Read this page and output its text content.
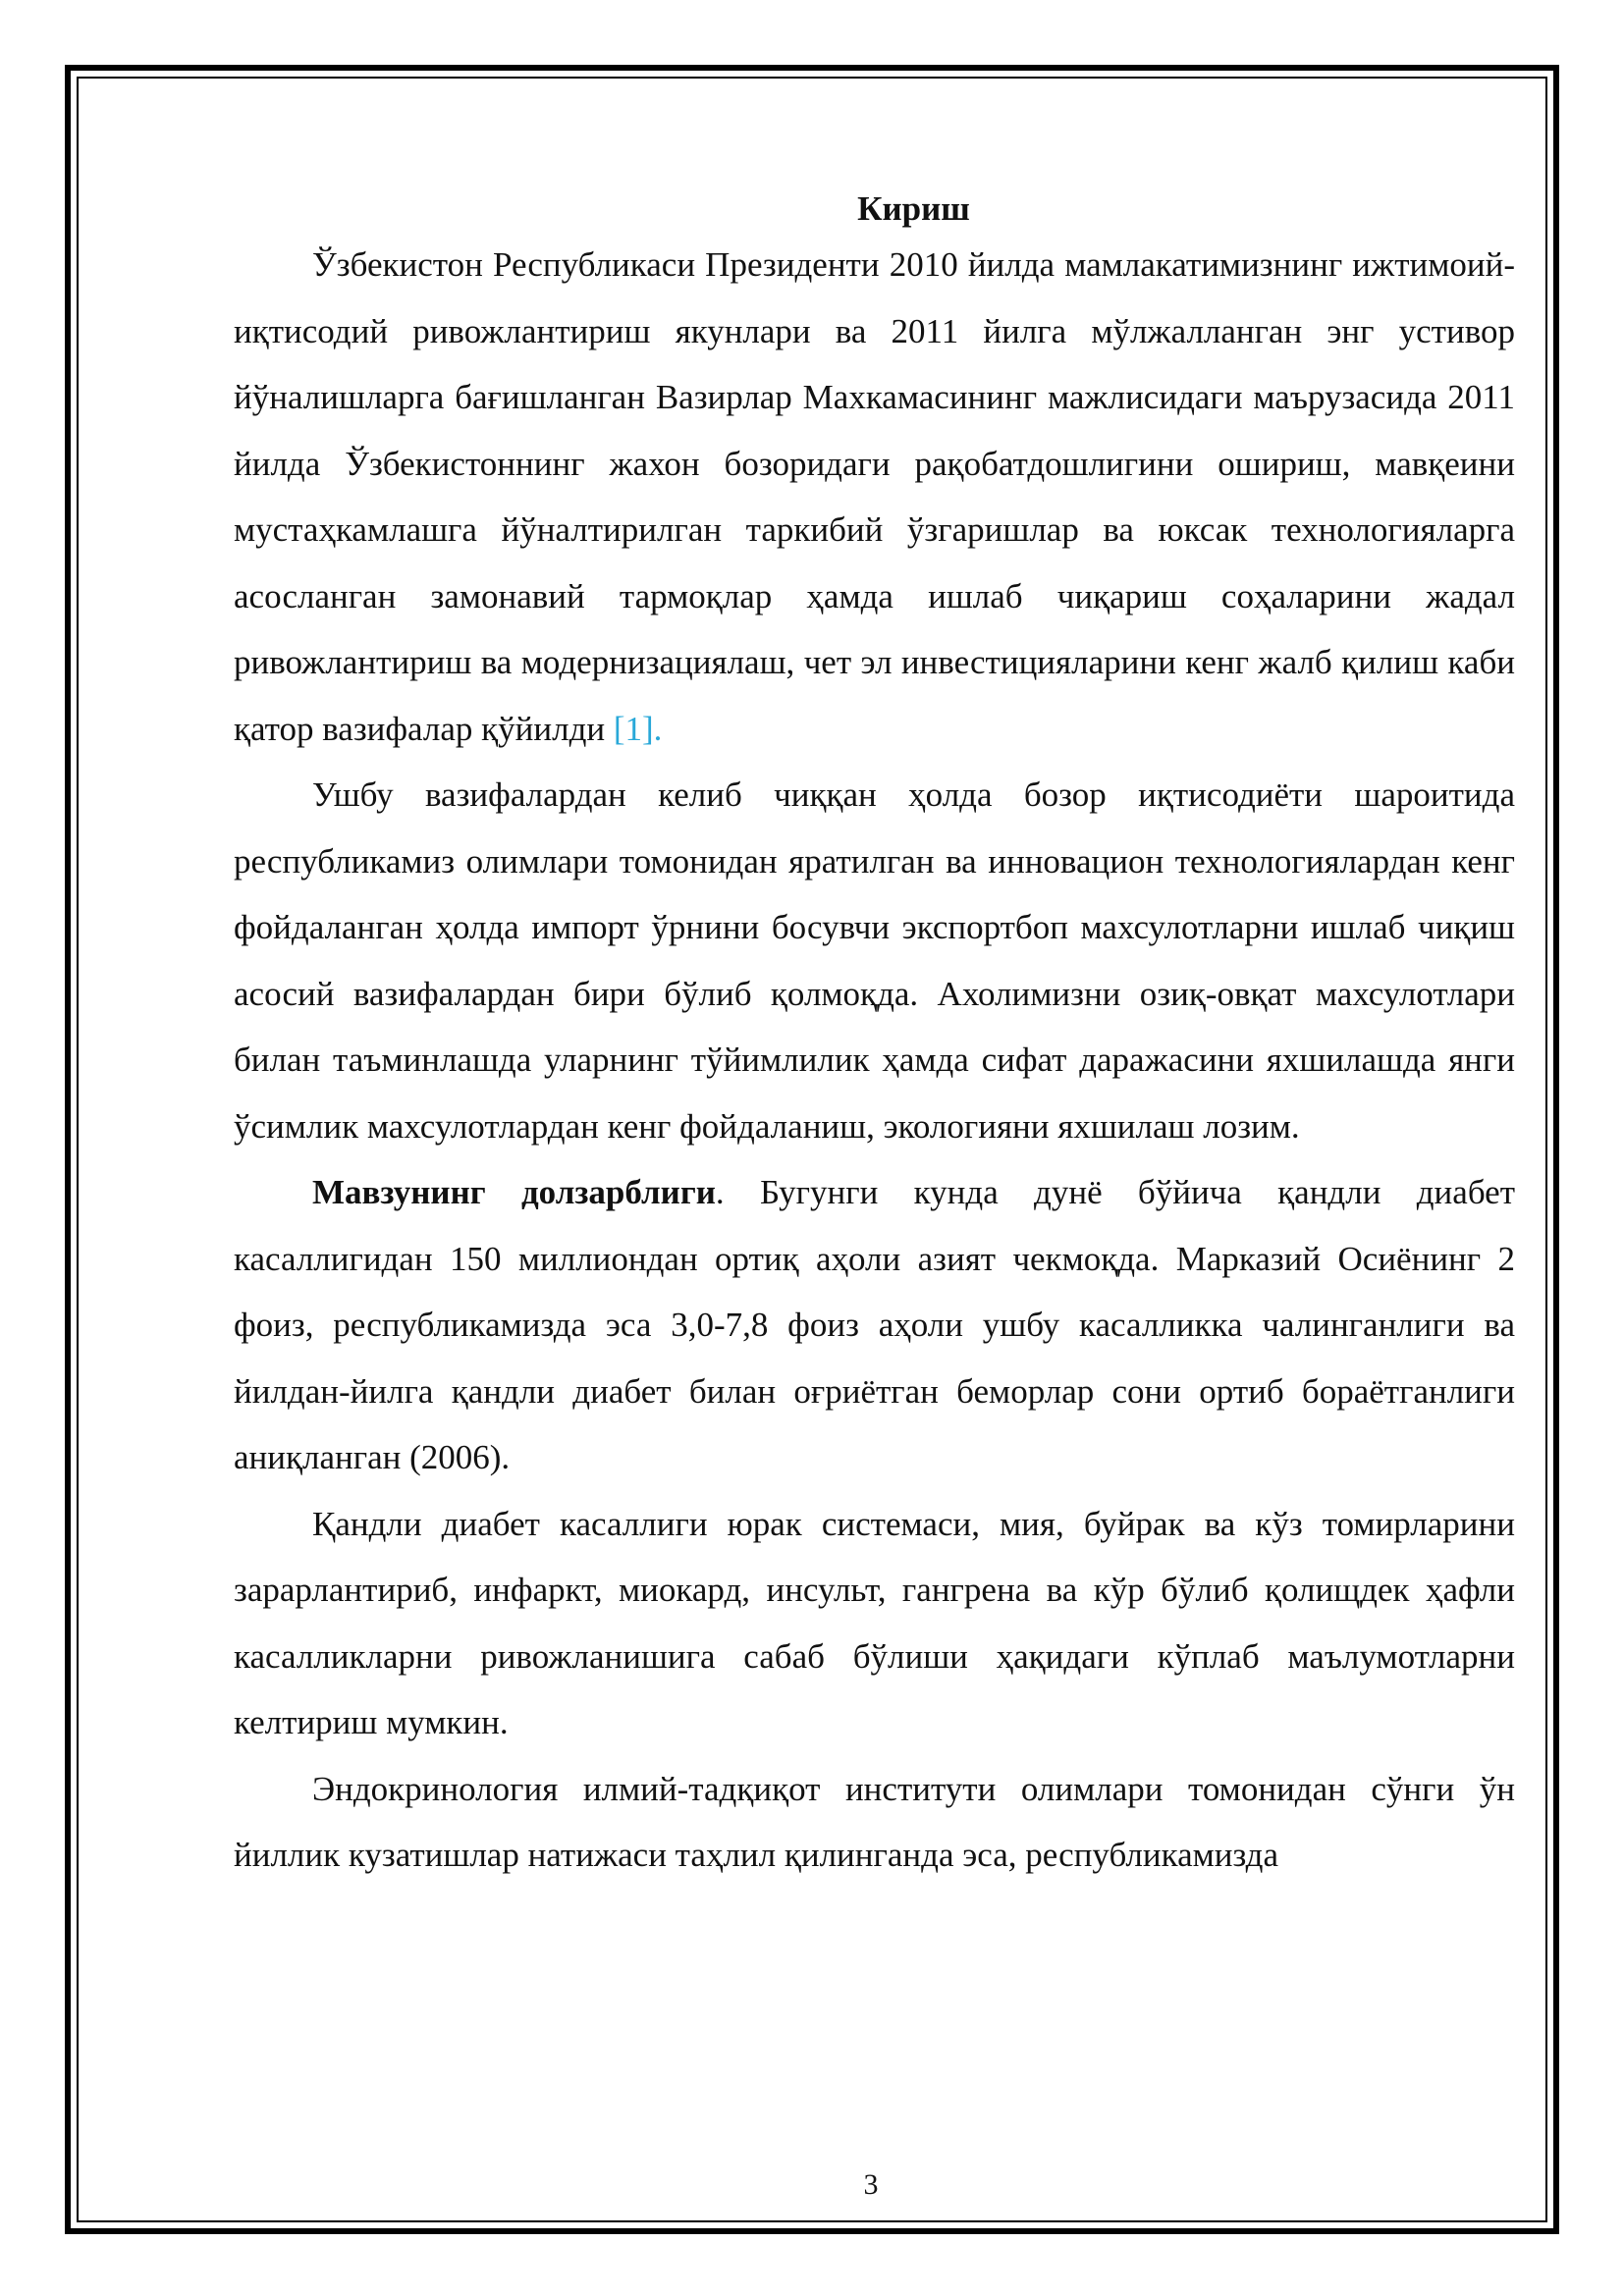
Кириш

Ўзбекистон Республикаси Президенти 2010 йилда мамлакатимизнинг ижтимоий-иқтисодий ривожлантириш якунлари ва 2011 йилга мўлжалланган энг устивор йўналишларга бағишланган Вазирлар Махкамасининг мажлисидаги маърузасида 2011 йилда Ўзбекистоннинг жахон бозоридаги рақобатдошлигини ошириш, мавқеини мустаҳкамлашга йўналтирилган таркибий ўзгаришлар ва юксак технологияларга асосланган замонавий тармоқлар ҳамда ишлаб чиқариш соҳаларини жадал ривожлантириш ва модернизациялаш, чет эл инвестицияларини кенг жалб қилиш каби қатор вазифалар қўйилди [1].

Ушбу вазифалардан келиб чиққан ҳолда бозор иқтисодиёти шароитида республикамиз олимлари томонидан яратилган ва инновацион технологиялардан кенг фойдаланган ҳолда импорт ўрнини босувчи экспортбоп махсулотларни ишлаб чиқиш асосий вазифалардан бири бўлиб қолмоқда. Ахолимизни озиқ-овқат махсулотлари билан таъминлашда уларнинг тўйимлилик ҳамда сифат даражасини яхшилашда янги ўсимлик махсулотлардан кенг фойдаланиш, экологияни яхшилаш лозим.

Мавзунинг долзарблиги. Бугунги кунда дунё бўйича қандли диабет касаллигидан 150 миллиондан ортиқ аҳоли азият чекмоқда. Марказий Осиёнинг 2 фоиз, республикамизда эса 3,0-7,8 фоиз аҳоли ушбу касалликка чалинганлиги ва йилдан-йилга қандли диабет билан оғриётган беморлар сони ортиб бораётганлиги аниқланган (2006).

Қандли диабет касаллиги юрак системаси, мия, буйрак ва кўз томирларини зарарлантириб, инфаркт, миокард, инсульт, гангрена ва кўр бўлиб қолищдек ҳафли касалликларни ривожланишига сабаб бўлиши ҳақидаги кўплаб маълумотларни келтириш мумкин.

Эндокринология илмий-тадқиқот институти олимлари томонидан сўнги ўн йиллик кузатишлар натижаси таҳлил қилинганда эса, республикамизда

3
